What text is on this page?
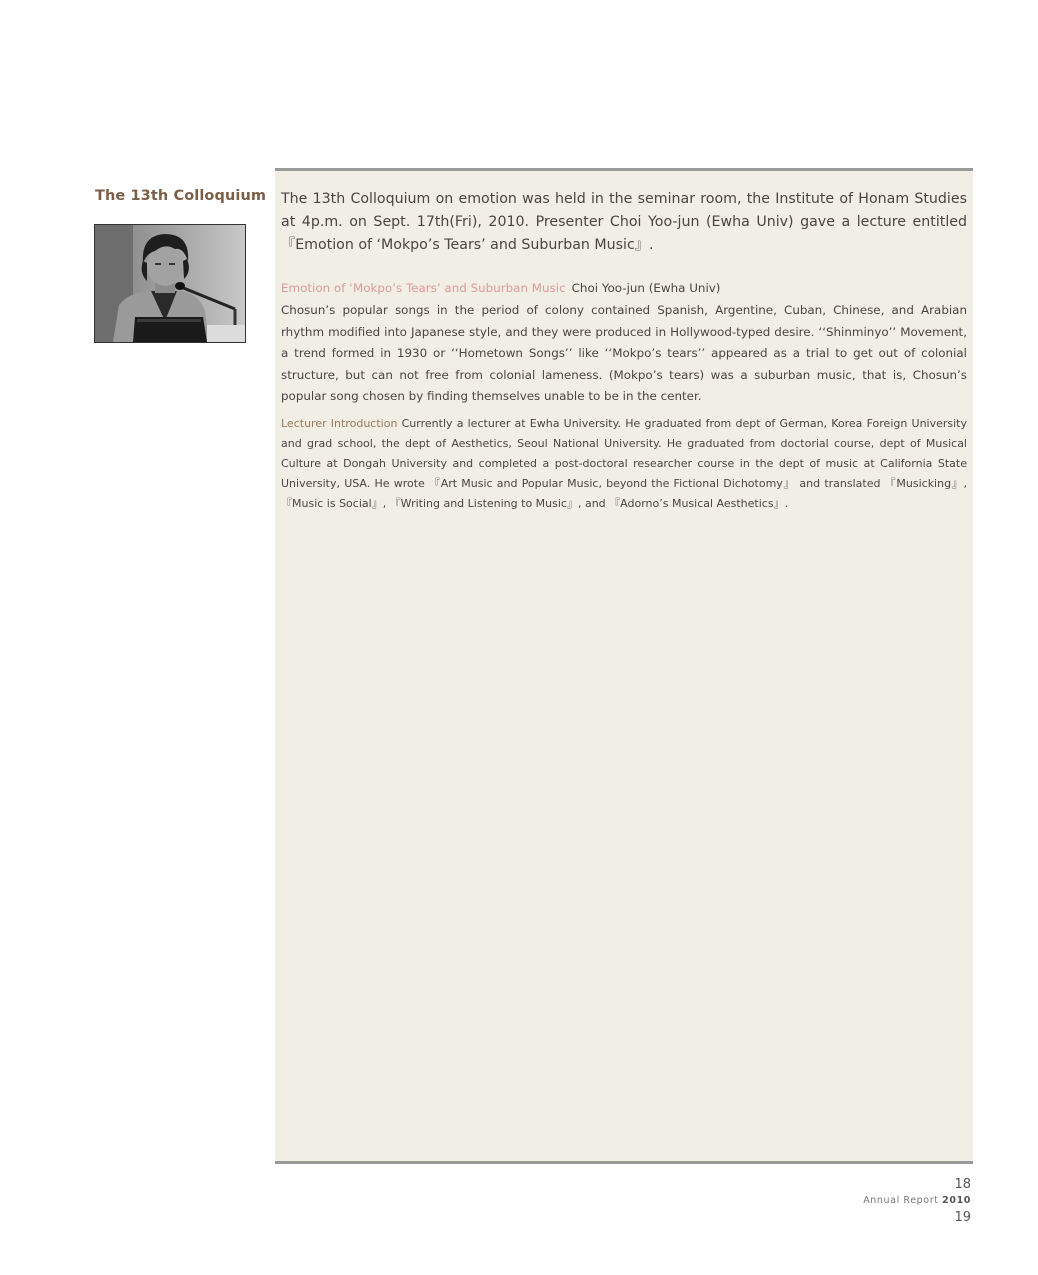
The 13th Colloquium The 13th Colloquium on emotion was held in the seminar room, the Institute of Honam Studies at 4p.m. on Sept. 17th(Fri), 2010. Presenter Choi Yoo-jun (Ewha Univ) gave a lecture entitled 『Emotion of ‘Mokpo’s Tears’ and Suburban Music』.

Emotion of ‘Mokpo’s Tears’ and Suburban Music Choi Yoo-jun (Ewha Univ)
Chosun’s popular songs in the period of colony contained Spanish, Argentine, Cuban, Chinese, and Arabian rhythm modified into Japanese style, and they were produced in Hollywood-typed desire. ‘‘Shinminyo’’ Movement, a trend formed in 1930 or ‘‘Hometown Songs’’ like ‘‘Mokpo’s tears’’ appeared as a trial to get out of colonial structure, but can not free from colonial lameness. (Mokpo’s tears) was a suburban music, that is, Chosun’s popular song chosen by finding themselves unable to be in the center.

Lecturer Introduction Currently a lecturer at Ewha University. He graduated from dept of German, Korea Foreign University and grad school, the dept of Aesthetics, Seoul National University. He graduated from doctorial course, dept of Musical Culture at Dongah University and completed a post-doctoral researcher course in the dept of music at California State University, USA. He wrote 『Art Music and Popular Music, beyond the Fictional Dichotomy』 and translated 『Musicking』, 『Music is Social』, 『Writing and Listening to Music』, and 『Adorno’s Musical Aesthetics』.

18
Annual Report 2010
19
